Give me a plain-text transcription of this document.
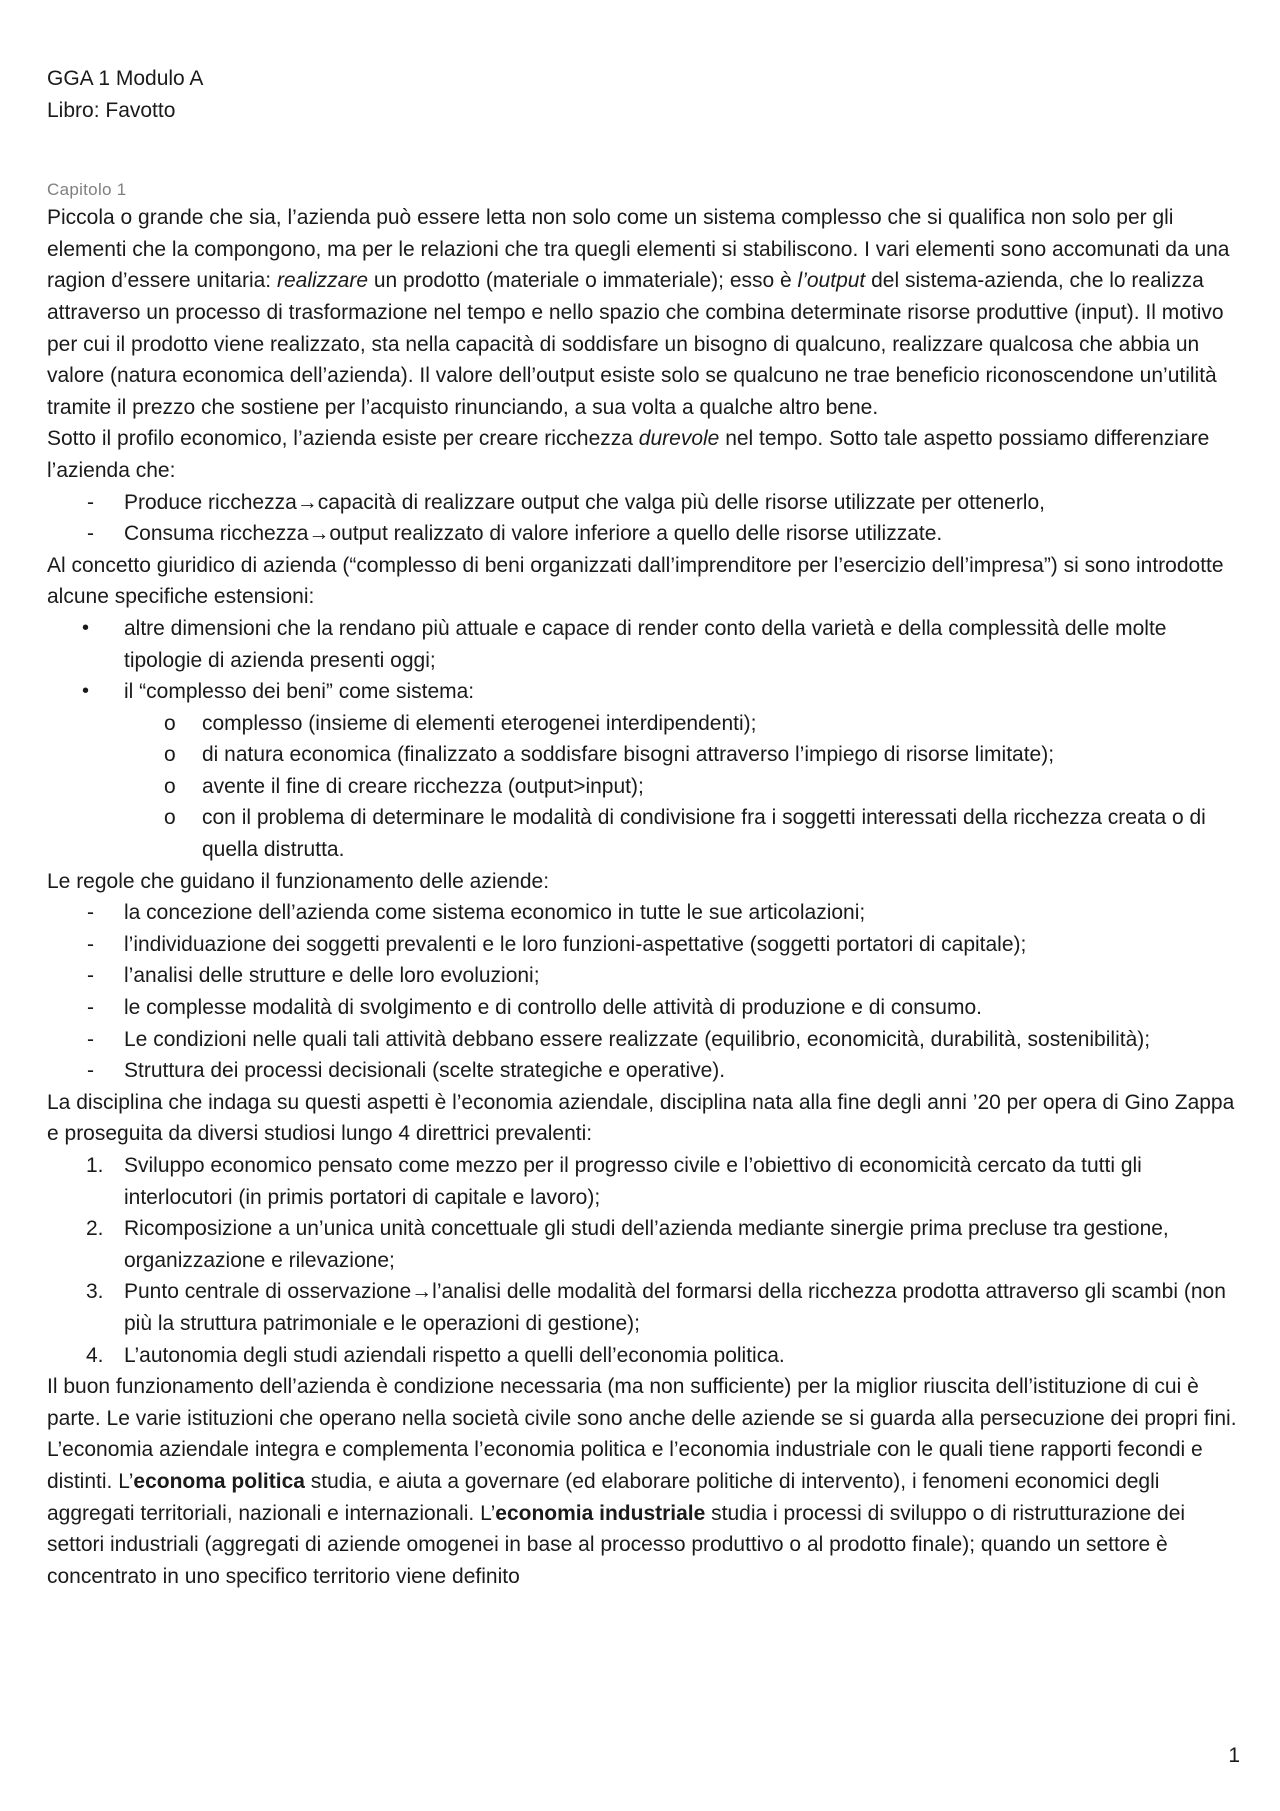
GGA 1 Modulo A

Libro: Favotto

Capitolo 1

Piccola o grande che sia, l’azienda può essere letta non solo come un sistema complesso che si qualifica non solo per gli elementi che la compongono, ma per le relazioni che tra quegli elementi si stabiliscono. I vari elementi sono accomunati da una ragion d’essere unitaria: realizzare un prodotto (materiale o immateriale); esso è l’output del sistema-azienda, che lo realizza attraverso un processo di trasformazione nel tempo e nello spazio che combina determinate risorse produttive (input). Il motivo per cui il prodotto viene realizzato, sta nella capacità di soddisfare un bisogno di qualcuno, realizzare qualcosa che abbia un valore (natura economica dell’azienda). Il valore dell’output esiste solo se qualcuno ne trae beneficio riconoscendone un’utilità tramite il prezzo che sostiene per l’acquisto rinunciando, a sua volta a qualche altro bene.

Sotto il profilo economico, l’azienda esiste per creare ricchezza durevole nel tempo. Sotto tale aspetto possiamo differenziare l’azienda che:

- Produce ricchezza→capacità di realizzare output che valga più delle risorse utilizzate per ottenerlo,
- Consuma ricchezza→output realizzato di valore inferiore a quello delle risorse utilizzate.

Al concetto giuridico di azienda (“complesso di beni organizzati dall’imprenditore per l’esercizio dell’impresa”) si sono introdotte alcune specifiche estensioni:

• altre dimensioni che la rendano più attuale e capace di render conto della varietà e della complessità delle molte tipologie di azienda presenti oggi;
• il “complesso dei beni” come sistema:
o complesso (insieme di elementi eterogenei interdipendenti);
o di natura economica (finalizzato a soddisfare bisogni attraverso l’impiego di risorse limitate);
o avente il fine di creare ricchezza (output>input);
o con il problema di determinare le modalità di condivisione fra i soggetti interessati della ricchezza creata o di quella distrutta.

Le regole che guidano il funzionamento delle aziende:

- la concezione dell’azienda come sistema economico in tutte le sue articolazioni;
- l’individuazione dei soggetti prevalenti e le loro funzioni-aspettative (soggetti portatori di capitale);
- l’analisi delle strutture e delle loro evoluzioni;
- le complesse modalità di svolgimento e di controllo delle attività di produzione e di consumo.
- Le condizioni nelle quali tali attività debbano essere realizzate (equilibrio, economicità, durabilità, sostenibilità);
- Struttura dei processi decisionali (scelte strategiche e operative).

La disciplina che indaga su questi aspetti è l’economia aziendale, disciplina nata alla fine degli anni ’20 per opera di Gino Zappa e proseguita da diversi studiosi lungo 4 direttrici prevalenti:

1. Sviluppo economico pensato come mezzo per il progresso civile e l’obiettivo di economicità cercato da tutti gli interlocutori (in primis portatori di capitale e lavoro);
2. Ricomposizione a un’unica unità concettuale gli studi dell’azienda mediante sinergie prima precluse tra gestione, organizzazione e rilevazione;
3. Punto centrale di osservazione→l’analisi delle modalità del formarsi della ricchezza prodotta attraverso gli scambi (non più la struttura patrimoniale e le operazioni di gestione);
4. L’autonomia degli studi aziendali rispetto a quelli dell’economia politica.

Il buon funzionamento dell’azienda è condizione necessaria (ma non sufficiente) per la miglior riuscita dell’istituzione di cui è parte. Le varie istituzioni che operano nella società civile sono anche delle aziende se si guarda alla persecuzione dei propri fini.

L’economia aziendale integra e complementa l’economia politica e l’economia industriale con le quali tiene rapporti fecondi e distinti. L’economa politica studia, e aiuta a governare (ed elaborare politiche di intervento), i fenomeni economici degli aggregati territoriali, nazionali e internazionali. L’economia industriale studia i processi di sviluppo o di ristrutturazione dei settori industriali (aggregati di aziende omogenei in base al processo produttivo o al prodotto finale); quando un settore è concentrato in uno specifico territorio viene definito

1
